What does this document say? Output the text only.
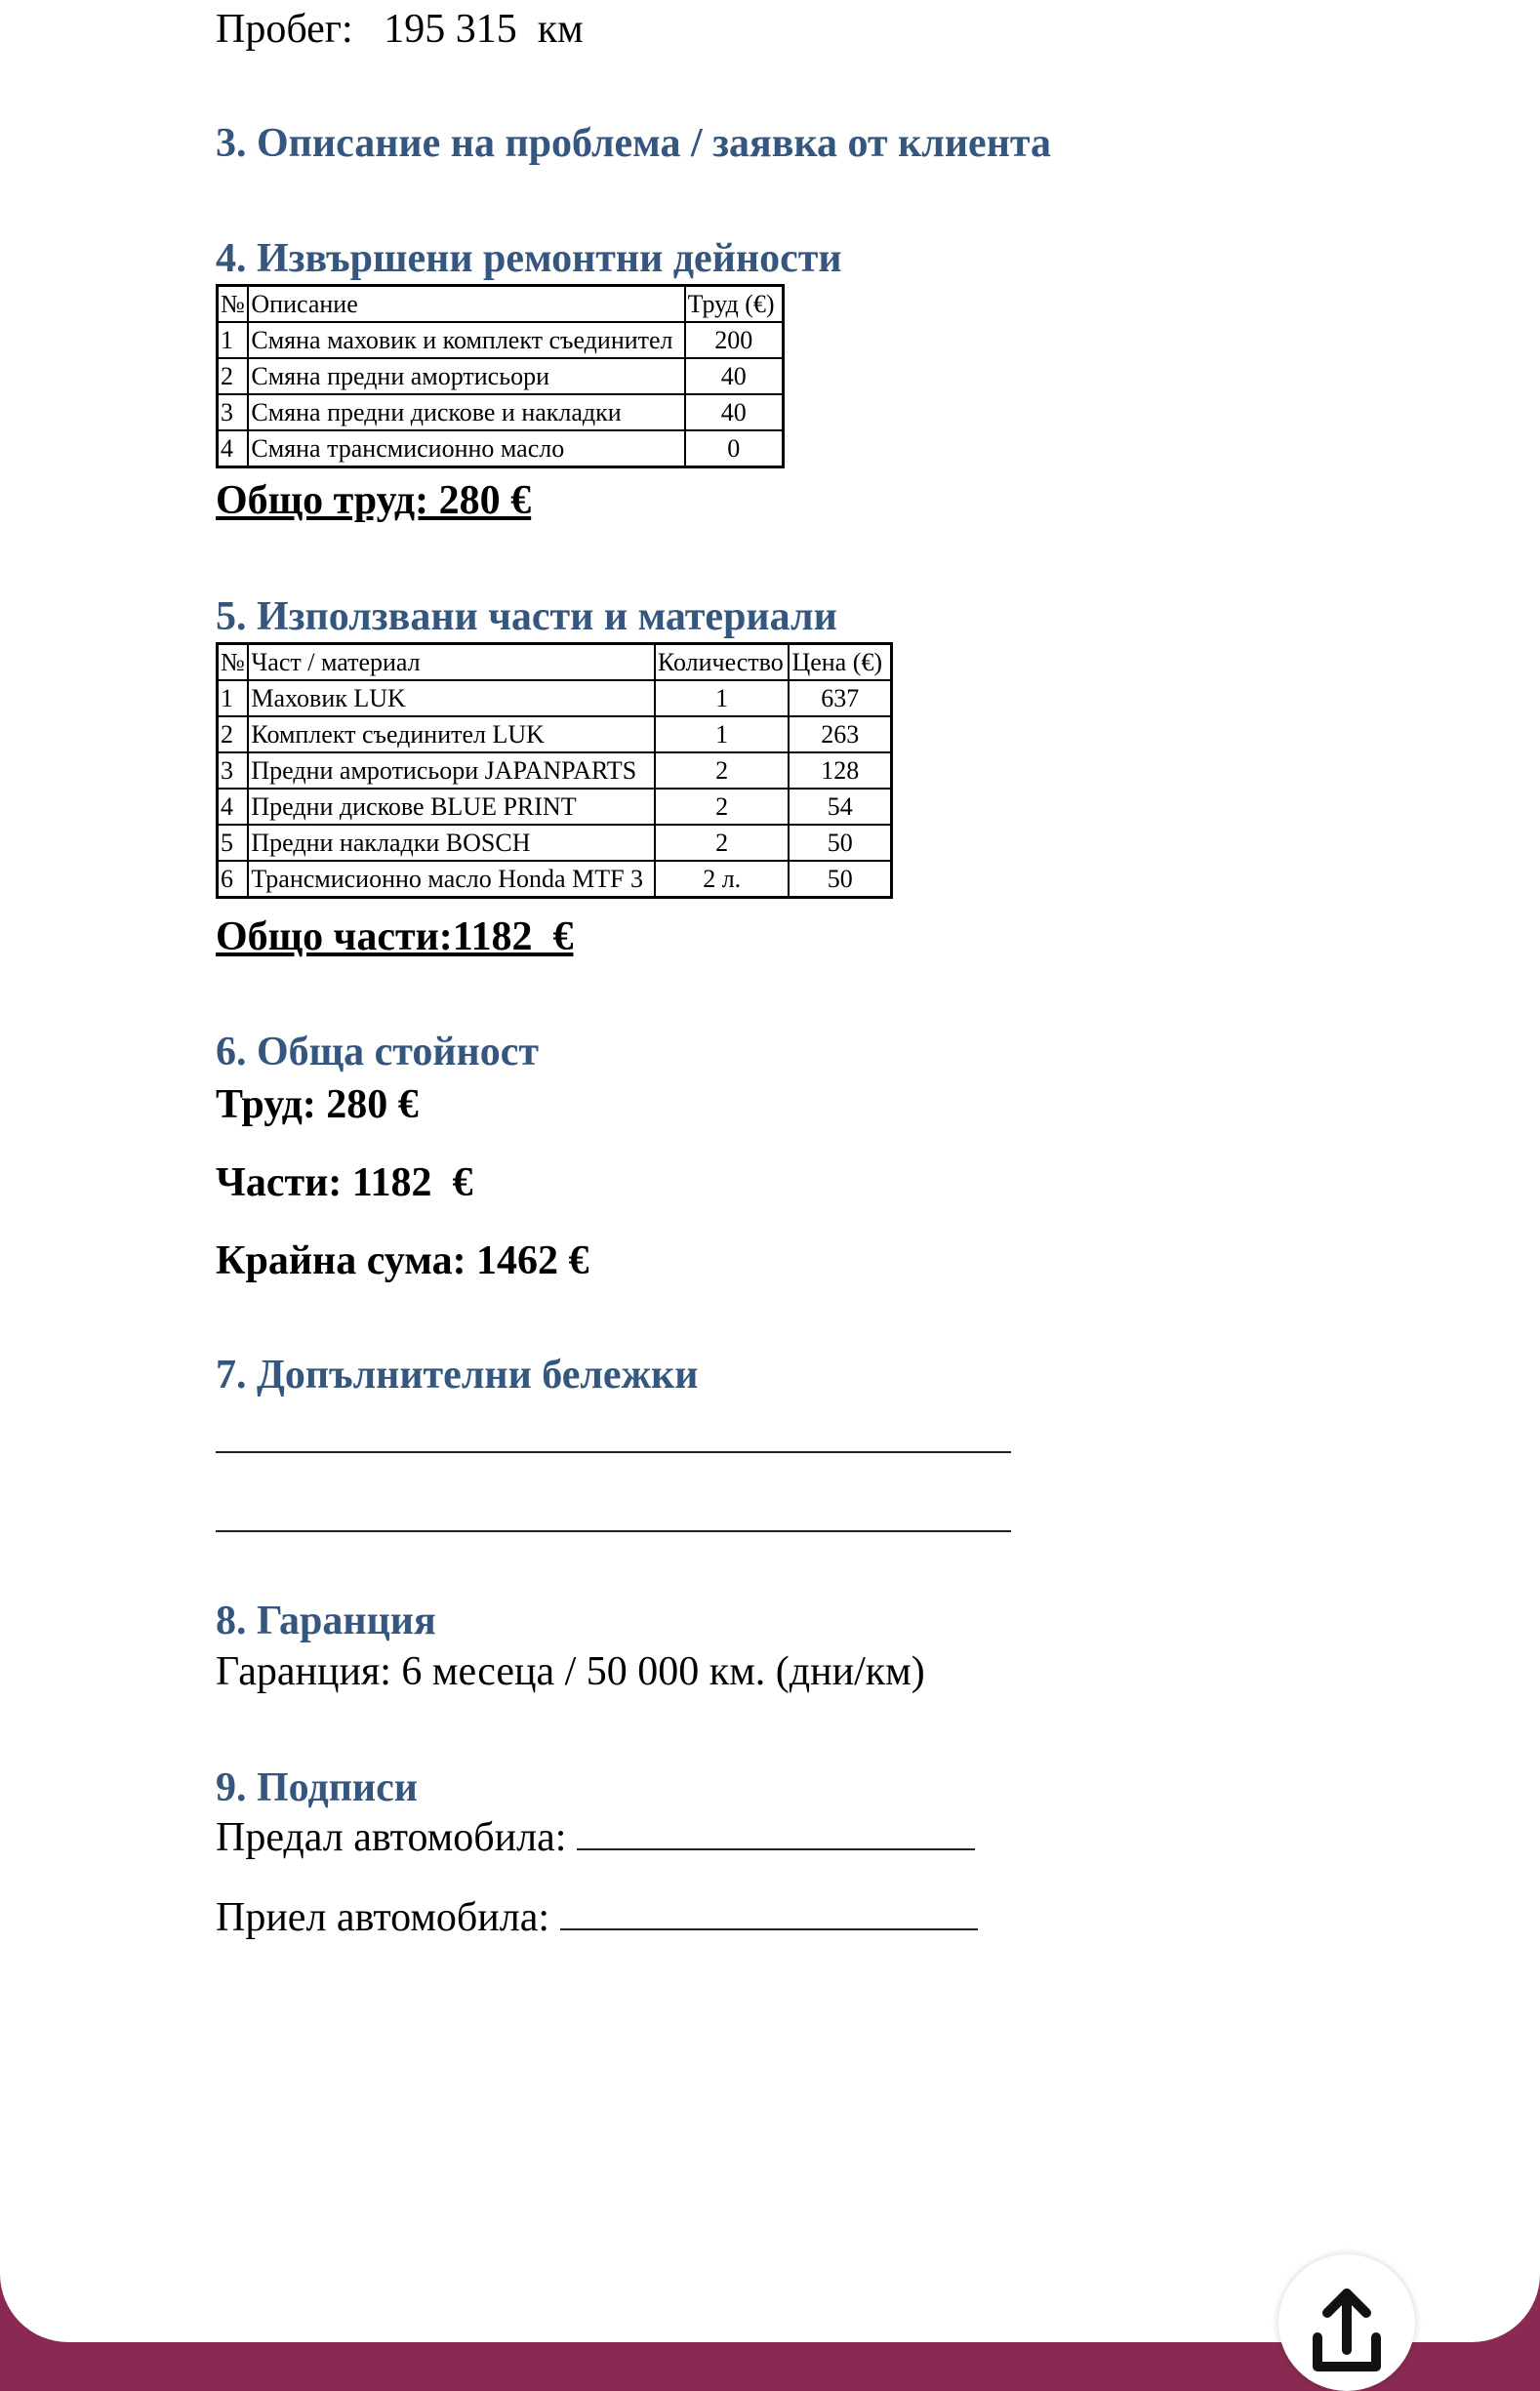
Пробег: 195 315 км
3. Описание на проблема / заявка от клиента
4. Извършени ремонтни дейности
№	Описание	Труд (€)
1	Смяна маховик и комплект съединител	200
2	Смяна предни амортисьори	40
3	Смяна предни дискове и накладки	40
4	Смяна трансмисионно масло	0
Общо труд: 280 €
5. Използвани части и материали
№	Част / материал	Количество	Цена (€)
1	Маховик LUK	1	637
2	Комплект съединител LUK	1	263
3	Предни амротисьори JAPANPARTS	2	128
4	Предни дискове BLUE PRINT	2	54
5	Предни накладки BOSCH	2	50
6	Трансмисионно масло Honda MTF 3	2 л.	50
Общо части:1182  €
6. Обща стойност
Труд: 280 €
Части: 1182  €
Крайна сума: 1462 €
7. Допълнителни бележки
8. Гаранция
Гаранция: 6 месеца / 50 000 км. (дни/км)
9. Подписи
Предал автомобила:
Приел автомобила:
